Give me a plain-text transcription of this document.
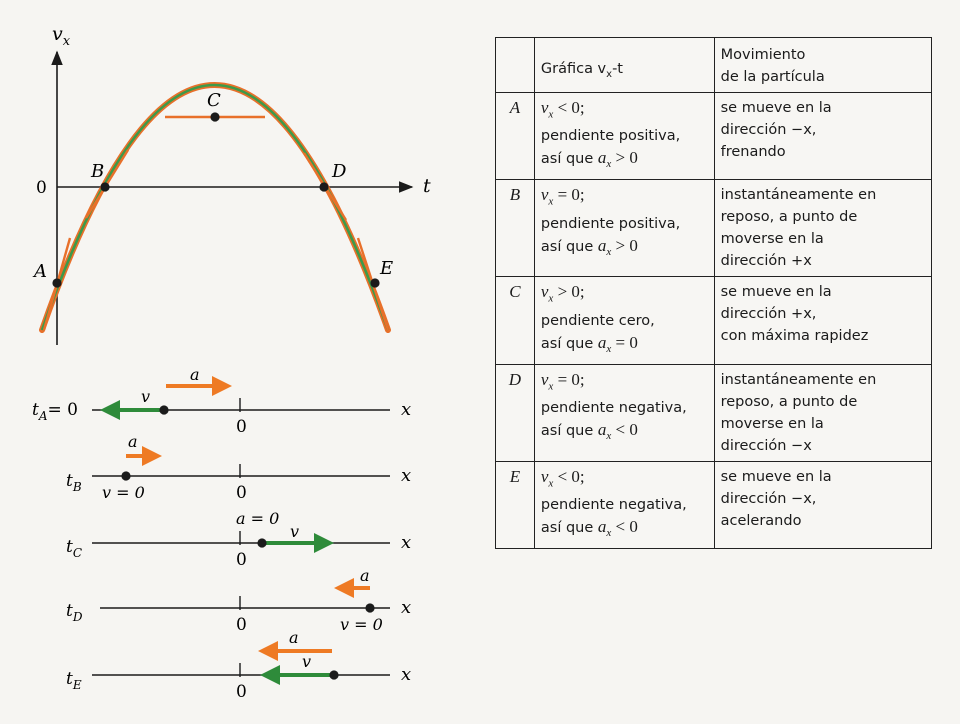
$v_x$
t
0
A
B
C
D
E
0
x
$t_A= 0$
v
a
0
x
$t_B$ v = 0
a
0
x
$t_C$
v
a = 0
0
x
$t_D$	v = 0
a
0
x
$t_E$
v
a
	Gráfica $v_x-t$	Movimiento
de la partícula

A	$v_x < 0$;
pendiente positiva,
así que $a_x > 0$	se mueve en la
dirección −x,
frenando

B	$v_x = 0$;
pendiente positiva,
así que $a_x > 0$	instantáneamente en
reposo, a punto de
moverse en la
dirección +x

C	$v_x > 0$;
pendiente cero,
así que $a_x = 0$	se mueve en la
dirección +x,
con máxima rapidez

D	$v_x = 0$;
pendiente negativa,
así que $a_x < 0$	instantáneamente en
reposo, a punto de
moverse en la
dirección −x

E	$v_x < 0$;
pendiente negativa,
así que $a_x < 0$	se mueve en la
dirección −x,
acelerando
